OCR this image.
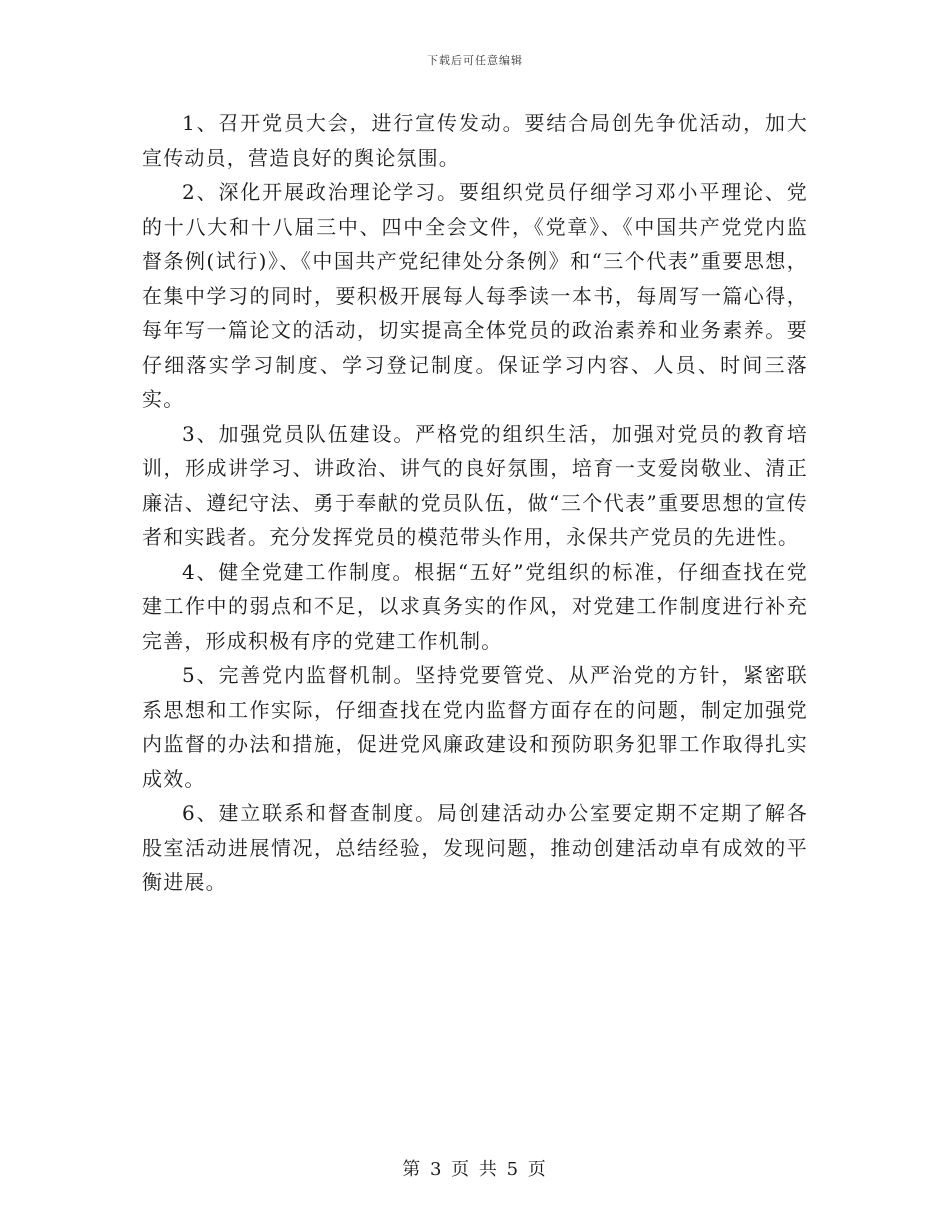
下载后可任意编辑

1、召开党员大会，进行宣传发动。要结合局创先争优活动，加大宣传动员，营造良好的舆论氛围。

2、深化开展政治理论学习。要组织党员仔细学习邓小平理论、党的十八大和十八届三中、四中全会文件，《党章》、《中国共产党党内监督条例(试行)》、《中国共产党纪律处分条例》和“三个代表”重要思想，在集中学习的同时，要积极开展每人每季读一本书，每周写一篇心得，每年写一篇论文的活动，切实提高全体党员的政治素养和业务素养。要仔细落实学习制度、学习登记制度。保证学习内容、人员、时间三落实。

3、加强党员队伍建设。严格党的组织生活，加强对党员的教育培训，形成讲学习、讲政治、讲气的良好氛围，培育一支爱岗敬业、清正廉洁、遵纪守法、勇于奉献的党员队伍，做“三个代表”重要思想的宣传者和实践者。充分发挥党员的模范带头作用，永保共产党员的先进性。

4、健全党建工作制度。根据“五好”党组织的标准，仔细查找在党建工作中的弱点和不足，以求真务实的作风，对党建工作制度进行补充完善，形成积极有序的党建工作机制。

5、完善党内监督机制。坚持党要管党、从严治党的方针，紧密联系思想和工作实际，仔细查找在党内监督方面存在的问题，制定加强党内监督的办法和措施，促进党风廉政建设和预防职务犯罪工作取得扎实成效。

6、建立联系和督查制度。局创建活动办公室要定期不定期了解各股室活动进展情况，总结经验，发现问题，推动创建活动卓有成效的平衡进展。

第 3 页 共 5 页
